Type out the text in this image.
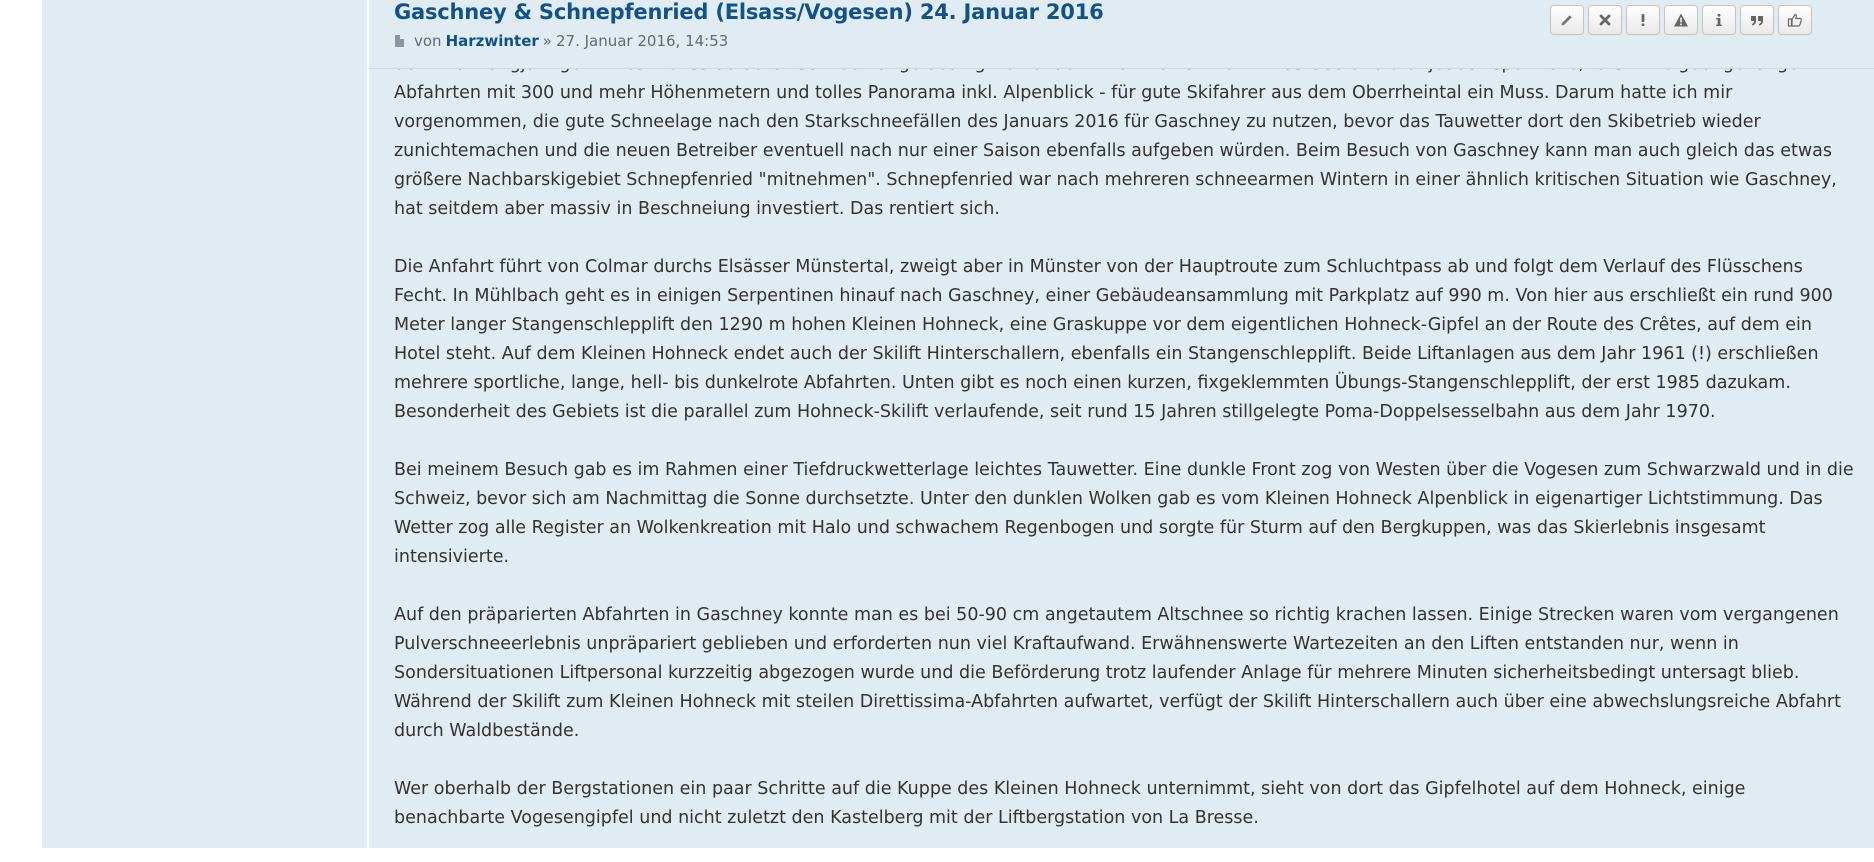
Gaschney & Schnepfenried (Elsass/Vogesen) 24. Januar 2016
von Harzwinter » 27. Januar 2016, 14:53

Abfahrten mit 300 und mehr Höhenmetern und tolles Panorama inkl. Alpenblick - für gute Skifahrer aus dem Oberrheintal ein Muss. Darum hatte ich mir vorgenommen, die gute Schneelage nach den Starkschneefällen des Januars 2016 für Gaschney zu nutzen, bevor das Tauwetter dort den Skibetrieb wieder zunichtemachen und die neuen Betreiber eventuell nach nur einer Saison ebenfalls aufgeben würden. Beim Besuch von Gaschney kann man auch gleich das etwas größere Nachbarskigebiet Schnepfenried "mitnehmen". Schnepfenried war nach mehreren schneearmen Wintern in einer ähnlich kritischen Situation wie Gaschney, hat seitdem aber massiv in Beschneiung investiert. Das rentiert sich.

Die Anfahrt führt von Colmar durchs Elsässer Münstertal, zweigt aber in Münster von der Hauptroute zum Schluchtpass ab und folgt dem Verlauf des Flüsschens Fecht. In Mühlbach geht es in einigen Serpentinen hinauf nach Gaschney, einer Gebäudeansammlung mit Parkplatz auf 990 m. Von hier aus erschließt ein rund 900 Meter langer Stangenschlepplift den 1290 m hohen Kleinen Hohneck, eine Graskuppe vor dem eigentlichen Hohneck-Gipfel an der Route des Crêtes, auf dem ein Hotel steht. Auf dem Kleinen Hohneck endet auch der Skilift Hinterschallern, ebenfalls ein Stangenschlepplift. Beide Liftanlagen aus dem Jahr 1961 (!) erschließen mehrere sportliche, lange, hell- bis dunkelrote Abfahrten. Unten gibt es noch einen kurzen, fixgeklemmten Übungs-Stangenschlepplift, der erst 1985 dazukam. Besonderheit des Gebiets ist die parallel zum Hohneck-Skilift verlaufende, seit rund 15 Jahren stillgelegte Poma-Doppelsesselbahn aus dem Jahr 1970.

Bei meinem Besuch gab es im Rahmen einer Tiefdruckwetterlage leichtes Tauwetter. Eine dunkle Front zog von Westen über die Vogesen zum Schwarzwald und in die Schweiz, bevor sich am Nachmittag die Sonne durchsetzte. Unter den dunklen Wolken gab es vom Kleinen Hohneck Alpenblick in eigenartiger Lichtstimmung. Das Wetter zog alle Register an Wolkenkreation mit Halo und schwachem Regenbogen und sorgte für Sturm auf den Bergkuppen, was das Skierlebnis insgesamt intensivierte.

Auf den präparierten Abfahrten in Gaschney konnte man es bei 50-90 cm angetautem Altschnee so richtig krachen lassen. Einige Strecken waren vom vergangenen Pulverschneeerlebnis unpräpariert geblieben und erforderten nun viel Kraftaufwand. Erwähnenswerte Wartezeiten an den Liften entstanden nur, wenn in Sondersituationen Liftpersonal kurzzeitig abgezogen wurde und die Beförderung trotz laufender Anlage für mehrere Minuten sicherheitsbedingt untersagt blieb. Während der Skilift zum Kleinen Hohneck mit steilen Direttissima-Abfahrten aufwartet, verfügt der Skilift Hinterschallern auch über eine abwechslungsreiche Abfahrt durch Waldbestände.

Wer oberhalb der Bergstationen ein paar Schritte auf die Kuppe des Kleinen Hohneck unternimmt, sieht von dort das Gipfelhotel auf dem Hohneck, einige benachbarte Vogesengipfel und nicht zuletzt den Kastelberg mit der Liftbergstation von La Bresse.
